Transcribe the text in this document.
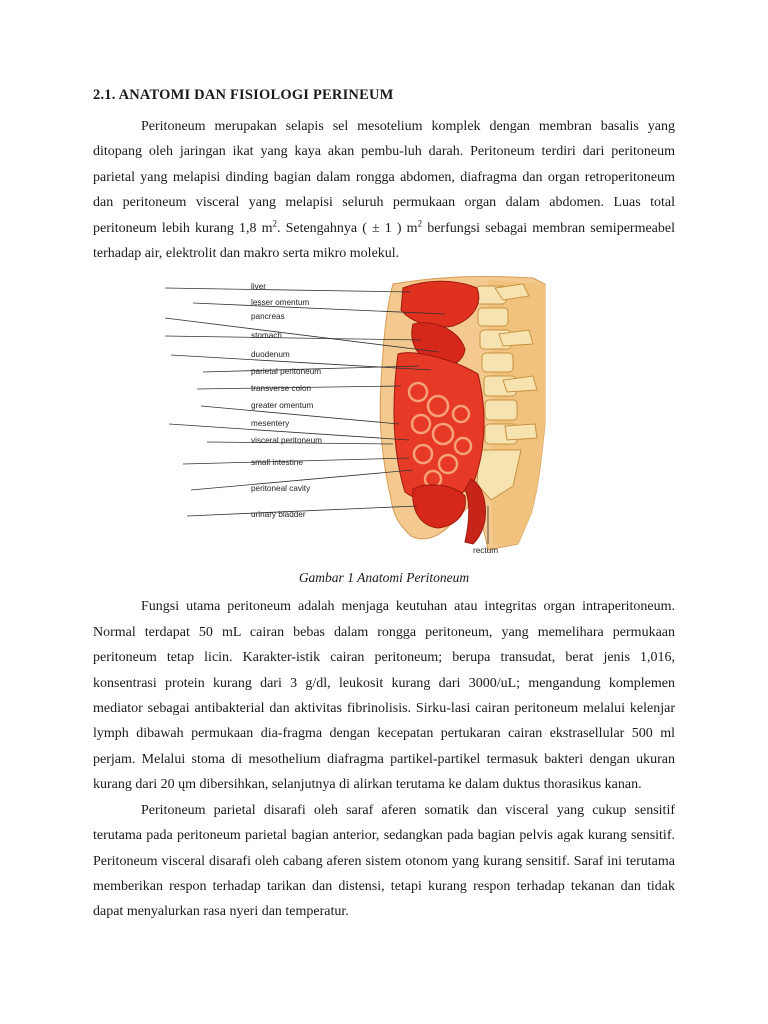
2.1. ANATOMI DAN FISIOLOGI PERINEUM

Peritoneum merupakan selapis sel mesotelium komplek dengan membran basalis yang ditopang oleh jaringan ikat yang kaya akan pembu-luh darah. Peritoneum terdiri dari peritoneum parietal yang melapisi dinding bagian dalam rongga abdomen, diafragma dan organ retroperitoneum dan peritoneum visceral yang melapisi seluruh permukaan organ dalam abdomen. Luas total peritoneum lebih kurang 1,8 $m^2$. Setengahnya ( ± 1 ) $m^2$ berfungsi sebagai membran semipermeabel terhadap air, elektrolit dan makro serta mikro molekul.

liver
lesser omentum
pancreas
stomach
duodenum
parietal peritoneum
transverse colon
greater omentum
mesentery
visceral peritoneum
small intestine
peritoneal cavity
urinary bladder
rectum

Gambar 1 Anatomi Peritoneum

Fungsi utama peritoneum adalah menjaga keutuhan atau integritas organ intraperitoneum. Normal terdapat 50 mL cairan bebas dalam rongga peritoneum, yang memelihara permukaan peritoneum tetap licin. Karakter-istik cairan peritoneum; berupa transudat, berat jenis 1,016, konsentrasi protein kurang dari 3 g/dl, leukosit kurang dari 3000/uL; mengandung komplemen mediator sebagai antibakterial dan aktivitas fibrinolisis. Sirku-lasi cairan peritoneum melalui kelenjar lymph dibawah permukaan dia-fragma dengan kecepatan pertukaran cairan ekstrasellular 500 ml perjam. Melalui stoma di mesothelium diafragma partikel-partikel termasuk bakteri dengan ukuran kurang dari 20 ųm dibersihkan, selanjutnya di alirkan terutama ke dalam duktus thorasikus kanan.

Peritoneum parietal disarafi oleh saraf aferen somatik dan visceral yang cukup sensitif terutama pada peritoneum parietal bagian anterior, sedangkan pada bagian pelvis agak kurang sensitif. Peritoneum visceral disarafi oleh cabang aferen sistem otonom yang kurang sensitif. Saraf ini terutama memberikan respon terhadap tarikan dan distensi, tetapi kurang respon terhadap tekanan dan tidak dapat menyalurkan rasa nyeri dan temperatur.
